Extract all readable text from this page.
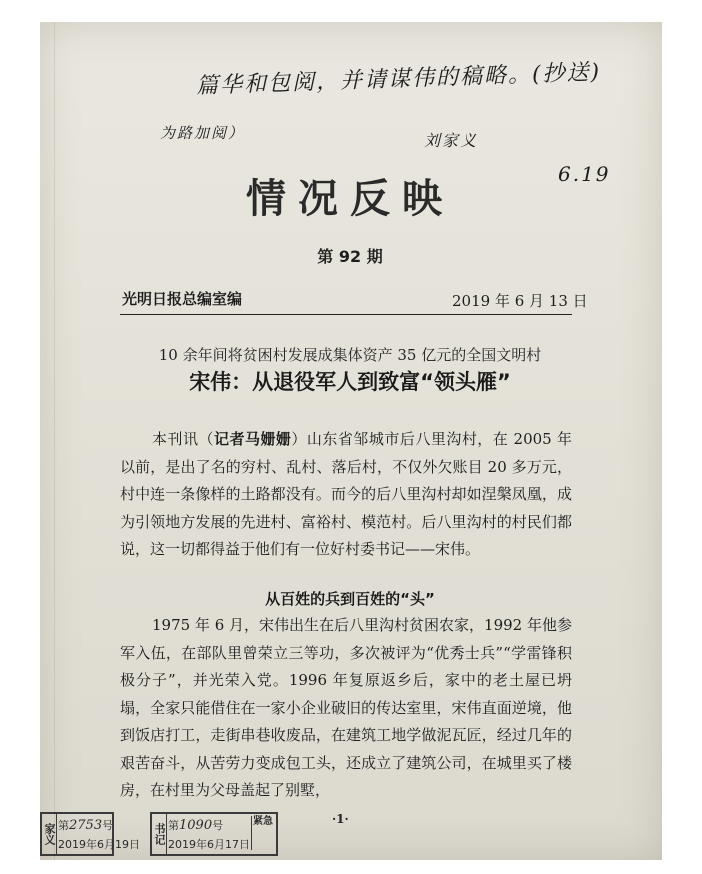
篇华和包阅，并请谋伟的稿略。(抄送)
为路加阅）	刘家义
6.19
情况反映
第 92 期
光明日报总编室编	2019 年 6 月 13 日
10 余年间将贫困村发展成集体资产 35 亿元的全国文明村
宋伟：从退役军人到致富“领头雁”

本刊讯（记者马姗姗）山东省邹城市后八里沟村，在 2005 年以前，是出了名的穷村、乱村、落后村，不仅外欠账目 20 多万元，村中连一条像样的土路都没有。而今的后八里沟村却如涅槃凤凰，成为引领地方发展的先进村、富裕村、模范村。后八里沟村的村民们都说，这一切都得益于他们有一位好村委书记——宋伟。

从百姓的兵到百姓的“头”

1975 年 6 月，宋伟出生在后八里沟村贫困农家，1992 年他参军入伍，在部队里曾荣立三等功，多次被评为“优秀士兵”“学雷锋积极分子”，并光荣入党。1996 年复原返乡后，家中的老土屋已坍塌，全家只能借住在一家小企业破旧的传达室里，宋伟直面逆境，他到饭店打工，走街串巷收废品，在建筑工地学做泥瓦匠，经过几年的艰苦奋斗，从苦劳力变成包工头，还成立了建筑公司，在城里买了楼房，在村里为父母盖起了别墅，

·1·
家义 第2753号
2019年6月19日 书记 第1090号
2019年6月17日
紧急
